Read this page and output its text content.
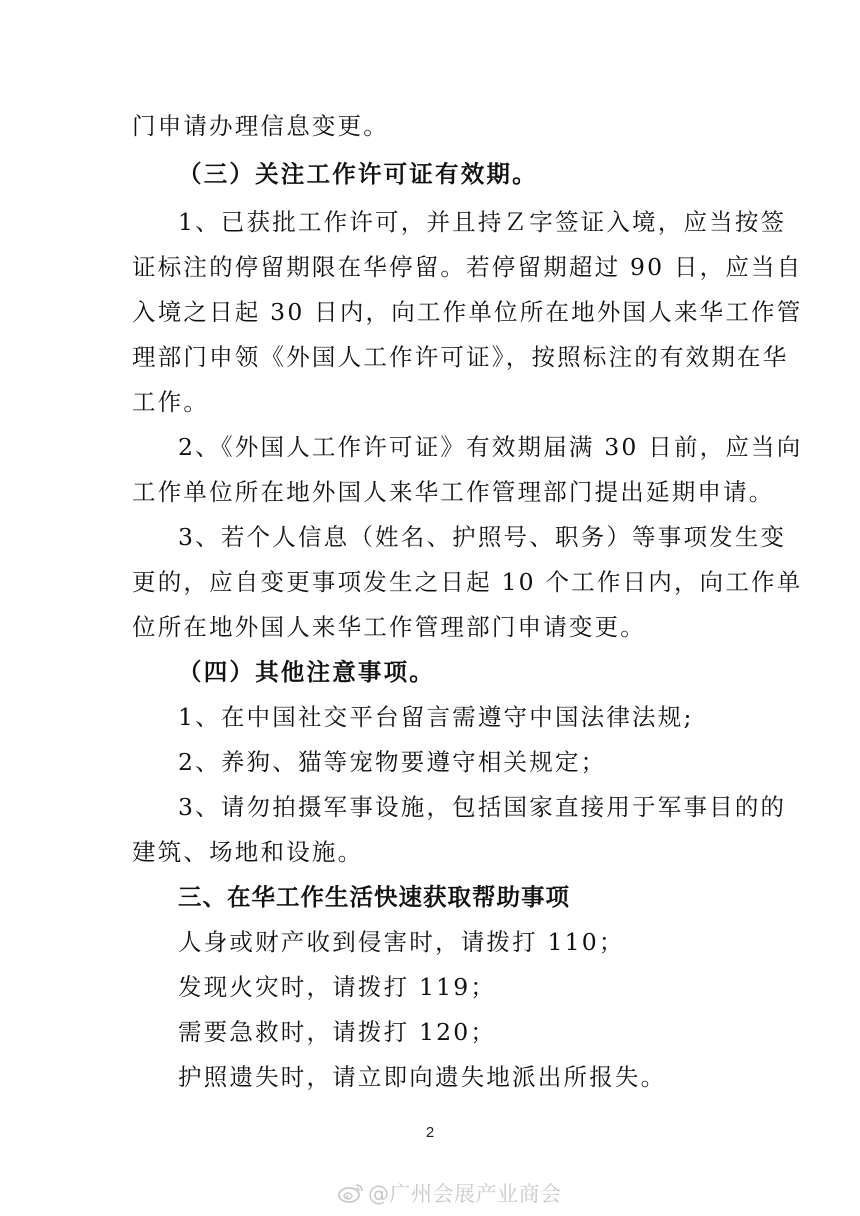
门申请办理信息变更。
（三）关注工作许可证有效期。
1、已获批工作许可，并且持Ｚ字签证入境，应当按签
证标注的停留期限在华停留。若停留期超过 90 日，应当自
入境之日起 30 日内，向工作单位所在地外国人来华工作管
理部门申领《外国人工作许可证》，按照标注的有效期在华
工作。
2、《外国人工作许可证》有效期届满 30 日前，应当向
工作单位所在地外国人来华工作管理部门提出延期申请。
3、若个人信息（姓名、护照号、职务）等事项发生变
更的，应自变更事项发生之日起 10 个工作日内，向工作单
位所在地外国人来华工作管理部门申请变更。
（四）其他注意事项。
1、在中国社交平台留言需遵守中国法律法规;
2、养狗、猫等宠物要遵守相关规定；
3、请勿拍摄军事设施，包括国家直接用于军事目的的
建筑、场地和设施。
三、在华工作生活快速获取帮助事项
人身或财产收到侵害时，请拨打 110；
发现火灾时，请拨打 119；
需要急救时，请拨打 120；
护照遗失时，请立即向遗失地派出所报失。
2
@广州会展产业商会
